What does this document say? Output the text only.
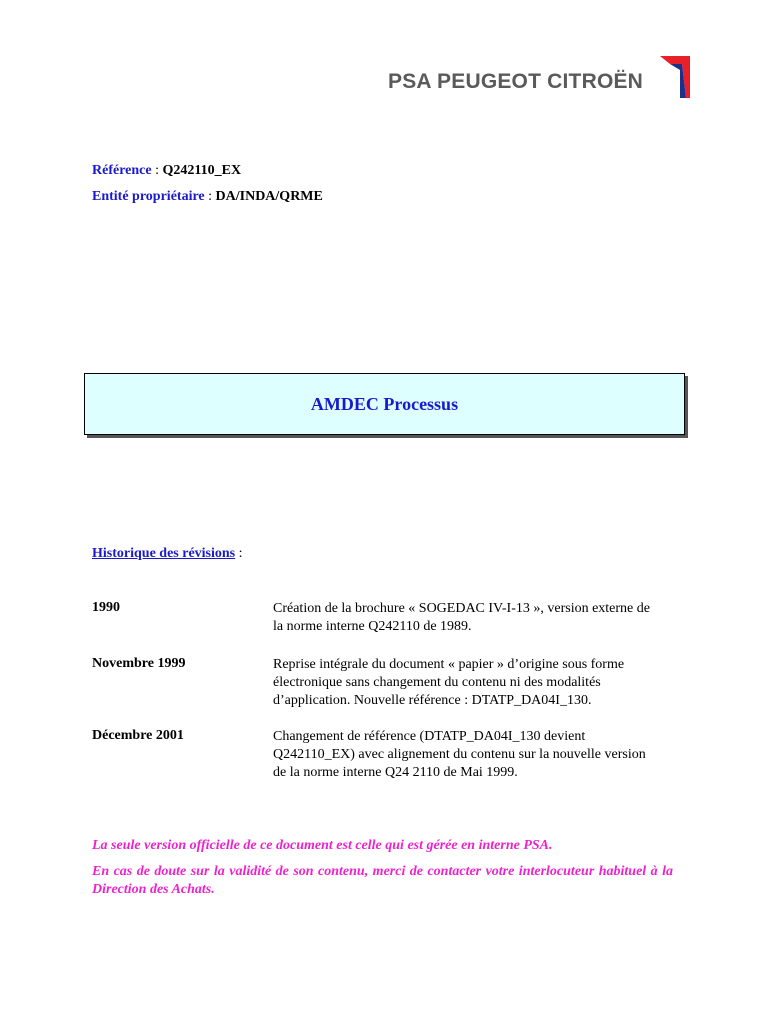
PSA PEUGEOT CITROËN
Référence : Q242110_EX
Entité propriétaire : DA/INDA/QRME
AMDEC Processus
Historique des révisions :
1990	Création de la brochure « SOGEDAC IV-I-13 », version externe de
la norme interne Q242110 de 1989.
Novembre 1999	Reprise intégrale du document « papier » d’origine sous forme
électronique sans changement du contenu ni des modalités
d’application. Nouvelle référence : DTATP_DA04I_130.
Décembre 2001	Changement de référence (DTATP_DA04I_130 devient
Q242110_EX) avec alignement du contenu sur la nouvelle version
de la norme interne Q24 2110 de Mai 1999.
La seule version officielle de ce document est celle qui est gérée en interne PSA.
En cas de doute sur la validité de son contenu, merci de contacter votre interlocuteur habituel à la Direction des Achats.
